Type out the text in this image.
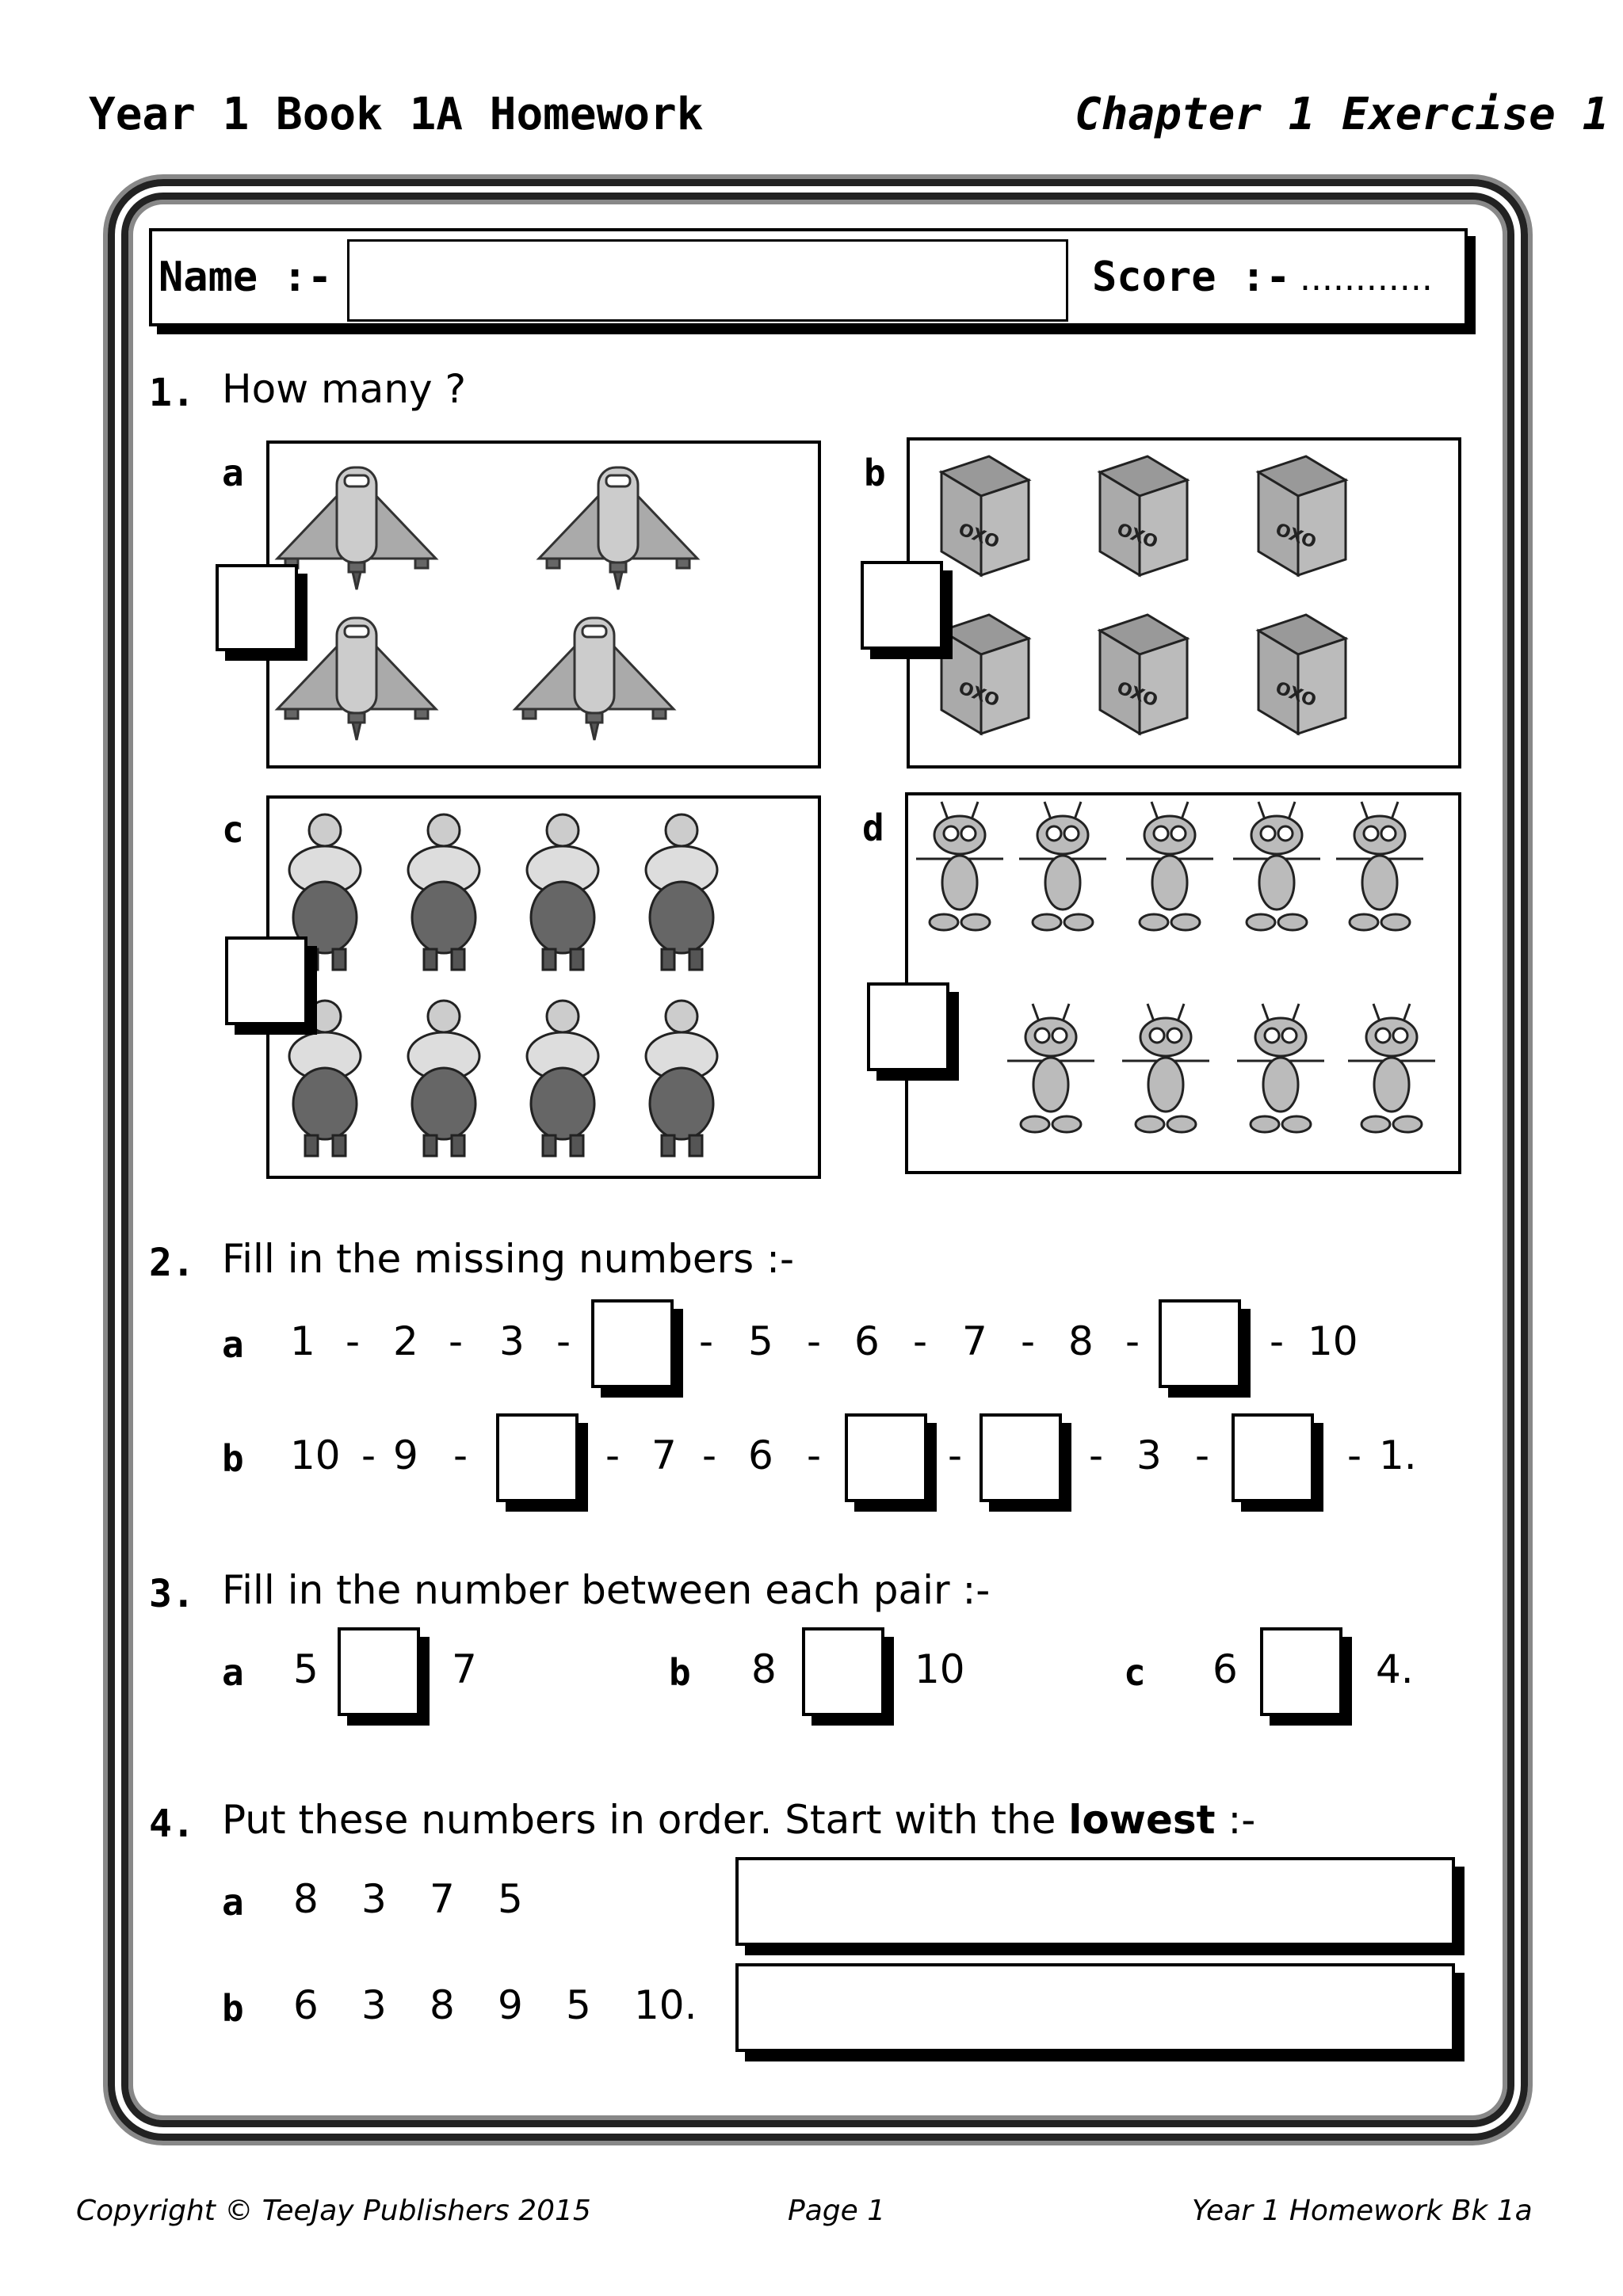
Year 1 Book 1A Homework	Chapter 1 Exercise 1
Name :-	Score :- ............
1. How many ?
a	b
OXO
c	d
2. Fill in the missing numbers :-
a 1 - 2 - 3 -	- 5 - 6 - 7 - 8 -	- 10
b 10 - 9 -	- 7 - 6 -	-	- 3 -	- 1.
3. Fill in the number between each pair :-
a 5	7	b 8	10	c 6	4.
4. Put these numbers in order. Start with the lowest :-
a 8 3 7 5
b 6 3 8 9 5 10.
Copyright © TeeJay Publishers 2015	Page 1	Year 1 Homework Bk 1a
